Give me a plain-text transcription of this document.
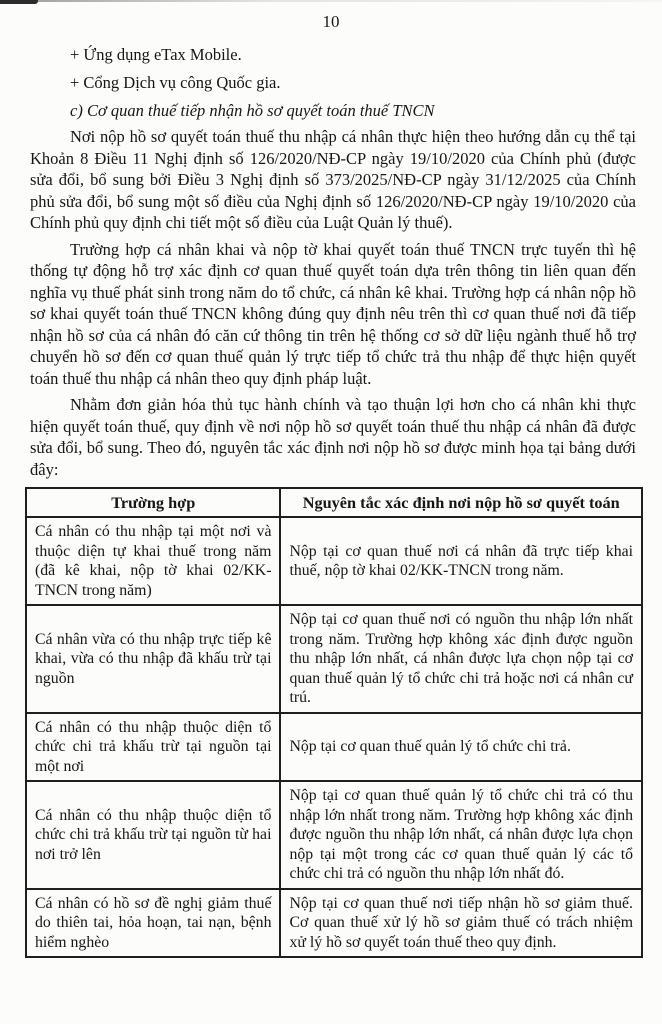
10
+ Ứng dụng eTax Mobile.
+ Cổng Dịch vụ công Quốc gia.
c) Cơ quan thuế tiếp nhận hồ sơ quyết toán thuế TNCN

Nơi nộp hồ sơ quyết toán thuế thu nhập cá nhân thực hiện theo hướng dẫn cụ thể tại Khoản 8 Điều 11 Nghị định số 126/2020/NĐ-CP ngày 19/10/2020 của Chính phủ (được sửa đổi, bổ sung bởi Điều 3 Nghị định số 373/2025/NĐ-CP ngày 31/12/2025 của Chính phủ sửa đổi, bổ sung một số điều của Nghị định số 126/2020/NĐ-CP ngày 19/10/2020 của Chính phủ quy định chi tiết một số điều của Luật Quản lý thuế).

Trường hợp cá nhân khai và nộp tờ khai quyết toán thuế TNCN trực tuyến thì hệ thống tự động hỗ trợ xác định cơ quan thuế quyết toán dựa trên thông tin liên quan đến nghĩa vụ thuế phát sinh trong năm do tổ chức, cá nhân kê khai. Trường hợp cá nhân nộp hồ sơ khai quyết toán thuế TNCN không đúng quy định nêu trên thì cơ quan thuế nơi đã tiếp nhận hồ sơ của cá nhân đó căn cứ thông tin trên hệ thống cơ sở dữ liệu ngành thuế hỗ trợ chuyển hồ sơ đến cơ quan thuế quản lý trực tiếp tổ chức trả thu nhập để thực hiện quyết toán thuế thu nhập cá nhân theo quy định pháp luật.

Nhằm đơn giản hóa thủ tục hành chính và tạo thuận lợi hơn cho cá nhân khi thực hiện quyết toán thuế, quy định về nơi nộp hồ sơ quyết toán thuế thu nhập cá nhân đã được sửa đổi, bổ sung. Theo đó, nguyên tắc xác định nơi nộp hồ sơ được minh họa tại bảng dưới đây:

Trường hợp	Nguyên tắc xác định nơi nộp hồ sơ quyết toán
Cá nhân có thu nhập tại một nơi và thuộc diện tự khai thuế trong năm (đã kê khai, nộp tờ khai 02/KK-TNCN trong năm)	Nộp tại cơ quan thuế nơi cá nhân đã trực tiếp khai thuế, nộp tờ khai 02/KK-TNCN trong năm.
Cá nhân vừa có thu nhập trực tiếp kê khai, vừa có thu nhập đã khấu trừ tại nguồn	Nộp tại cơ quan thuế nơi có nguồn thu nhập lớn nhất trong năm. Trường hợp không xác định được nguồn thu nhập lớn nhất, cá nhân được lựa chọn nộp tại cơ quan thuế quản lý tổ chức chi trả hoặc nơi cá nhân cư trú.
Cá nhân có thu nhập thuộc diện tổ chức chi trả khấu trừ tại nguồn tại một nơi	Nộp tại cơ quan thuế quản lý tổ chức chi trả.
Cá nhân có thu nhập thuộc diện tổ chức chi trả khấu trừ tại nguồn từ hai nơi trở lên	Nộp tại cơ quan thuế quản lý tổ chức chi trả có thu nhập lớn nhất trong năm. Trường hợp không xác định được nguồn thu nhập lớn nhất, cá nhân được lựa chọn nộp tại một trong các cơ quan thuế quản lý các tổ chức chi trả có nguồn thu nhập lớn nhất đó.
Cá nhân có hồ sơ đề nghị giảm thuế do thiên tai, hỏa hoạn, tai nạn, bệnh hiểm nghèo	Nộp tại cơ quan thuế nơi tiếp nhận hồ sơ giảm thuế. Cơ quan thuế xử lý hồ sơ giảm thuế có trách nhiệm xử lý hồ sơ quyết toán thuế theo quy định.
